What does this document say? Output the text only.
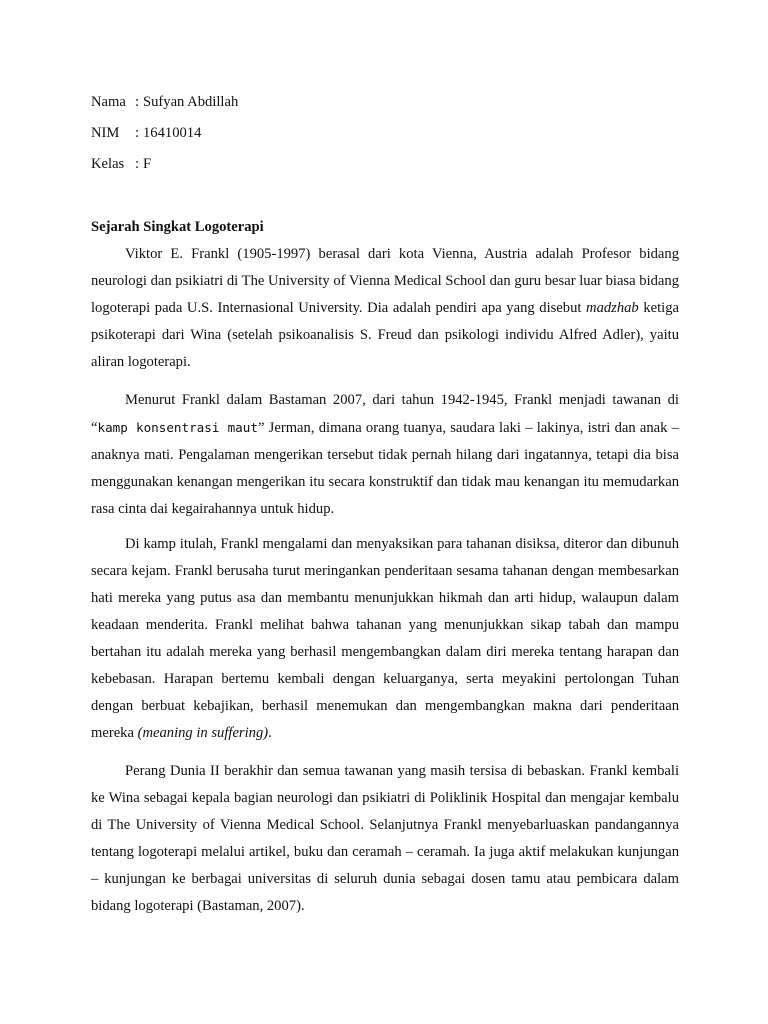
Nama : Sufyan Abdillah
NIM : 16410014
Kelas : F
Sejarah Singkat Logoterapi

Viktor E. Frankl (1905-1997) berasal dari kota Vienna, Austria adalah Profesor bidang neurologi dan psikiatri di The University of Vienna Medical School dan guru besar luar biasa bidang logoterapi pada U.S. Internasional University. Dia adalah pendiri apa yang disebut madzhab ketiga psikoterapi dari Wina (setelah psikoanalisis S. Freud dan psikologi individu Alfred Adler), yaitu aliran logoterapi.

Menurut Frankl dalam Bastaman 2007, dari tahun 1942-1945, Frankl menjadi tawanan di “kamp konsentrasi maut” Jerman, dimana orang tuanya, saudara laki – lakinya, istri dan anak – anaknya mati. Pengalaman mengerikan tersebut tidak pernah hilang dari ingatannya, tetapi dia bisa menggunakan kenangan mengerikan itu secara konstruktif dan tidak mau kenangan itu memudarkan rasa cinta dai kegairahannya untuk hidup.

Di kamp itulah, Frankl mengalami dan menyaksikan para tahanan disiksa, diteror dan dibunuh secara kejam. Frankl berusaha turut meringankan penderitaan sesama tahanan dengan membesarkan hati mereka yang putus asa dan membantu menunjukkan hikmah dan arti hidup, walaupun dalam keadaan menderita. Frankl melihat bahwa tahanan yang menunjukkan sikap tabah dan mampu bertahan itu adalah mereka yang berhasil mengembangkan dalam diri mereka tentang harapan dan kebebasan. Harapan bertemu kembali dengan keluarganya, serta meyakini pertolongan Tuhan dengan berbuat kebajikan, berhasil menemukan dan mengembangkan makna dari penderitaan mereka (meaning in suffering).

Perang Dunia II berakhir dan semua tawanan yang masih tersisa di bebaskan. Frankl kembali ke Wina sebagai kepala bagian neurologi dan psikiatri di Poliklinik Hospital dan mengajar kembalu di The University of Vienna Medical School. Selanjutnya Frankl menyebarluaskan pandangannya tentang logoterapi melalui artikel, buku dan ceramah – ceramah. Ia juga aktif melakukan kunjungan – kunjungan ke berbagai universitas di seluruh dunia sebagai dosen tamu atau pembicara dalam bidang logoterapi (Bastaman, 2007).
